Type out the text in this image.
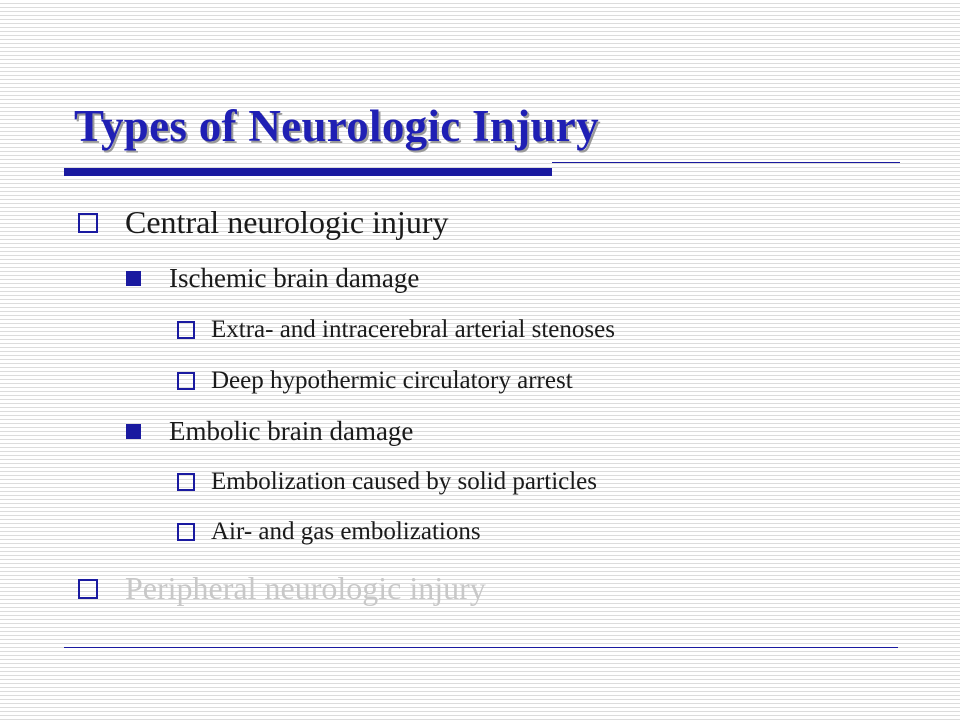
Types of Neurologic Injury
Central neurologic injury
Ischemic brain damage
Extra- and intracerebral arterial stenoses
Deep hypothermic circulatory arrest
Embolic brain damage
Embolization caused by solid particles
Air- and gas embolizations
Peripheral neurologic injury
